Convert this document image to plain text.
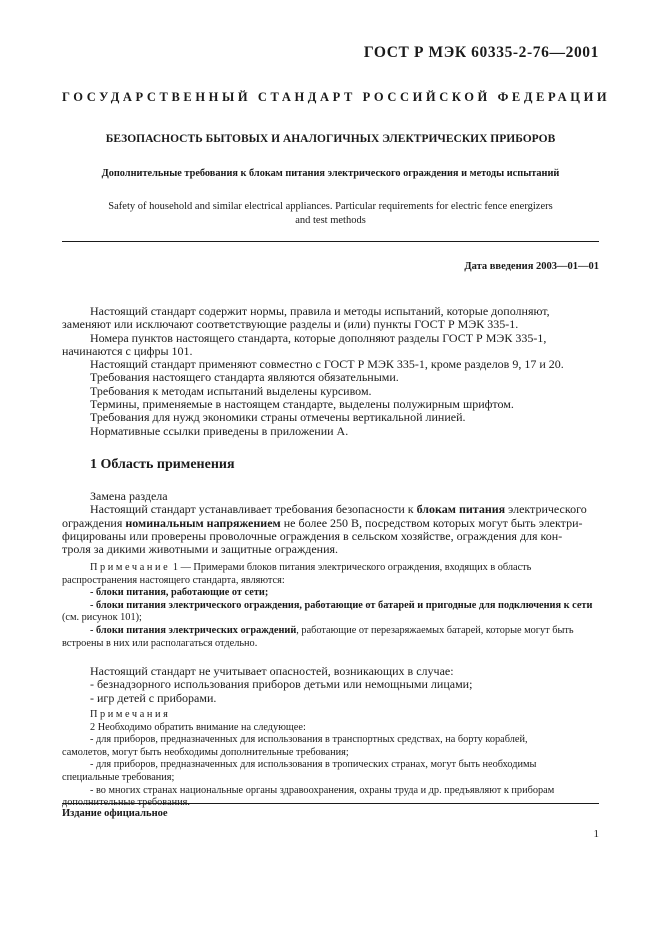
ГОСТ Р МЭК 60335-2-76—2001
ГОСУДАРСТВЕННЫЙ СТАНДАРТ РОССИЙСКОЙ ФЕДЕРАЦИИ
БЕЗОПАСНОСТЬ БЫТОВЫХ И АНАЛОГИЧНЫХ ЭЛЕКТРИЧЕСКИХ ПРИБОРОВ
Дополнительные требования к блокам питания электрического ограждения и методы испытаний
Safety of household and similar electrical appliances. Particular requirements for electric fence energizers
and test methods
Дата введения 2003—01—01

Настоящий стандарт содержит нормы, правила и методы испытаний, которые дополняют,

заменяют или исключают соответствующие разделы и (или) пункты ГОСТ Р МЭК 335-1.

Номера пунктов настоящего стандарта, которые дополняют разделы ГОСТ Р МЭК 335-1,

начинаются с цифры 101.

Настоящий стандарт применяют совместно с ГОСТ Р МЭК 335-1, кроме разделов 9, 17 и 20.

Требования настоящего стандарта являются обязательными.

Требования к методам испытаний выделены курсивом.

Термины, применяемые в настоящем стандарте, выделены полужирным шрифтом.

Требования для нужд экономики страны отмечены вертикальной линией.

Нормативные ссылки приведены в приложении А.

1 Область применения

Замена раздела

Настоящий стандарт устанавливает требования безопасности к блокам питания электрического

ограждения номинальным напряжением не более 250 В, посредством которых могут быть электри-

фицированы или проверены проволочные ограждения в сельском хозяйстве, ограждения для кон-

троля за дикими животными и защитные ограждения.

Примечание 1 — Примерами блоков питания электрического ограждения, входящих в область

распространения настоящего стандарта, являются:

- блоки питания, работающие от сети;

- блоки питания электрического ограждения, работающие от батарей и пригодные для подключения к сети

(см. рисунок 101);

- блоки питания электрических ограждений, работающие от перезаряжаемых батарей, которые могут быть

встроены в них или располагаться отдельно.

Настоящий стандарт не учитывает опасностей, возникающих в случае:

- безнадзорного использования приборов детьми или немощными лицами;

- игр детей с приборами.

Примечания

2 Необходимо обратить внимание на следующее:

- для приборов, предназначенных для использования в транспортных средствах, на борту кораблей,

самолетов, могут быть необходимы дополнительные требования;

- для приборов, предназначенных для использования в тропических странах, могут быть необходимы

специальные требования;

- во многих странах национальные органы здравоохранения, охраны труда и др. предъявляют к приборам

дополнительные требования.

Издание официальное
1
